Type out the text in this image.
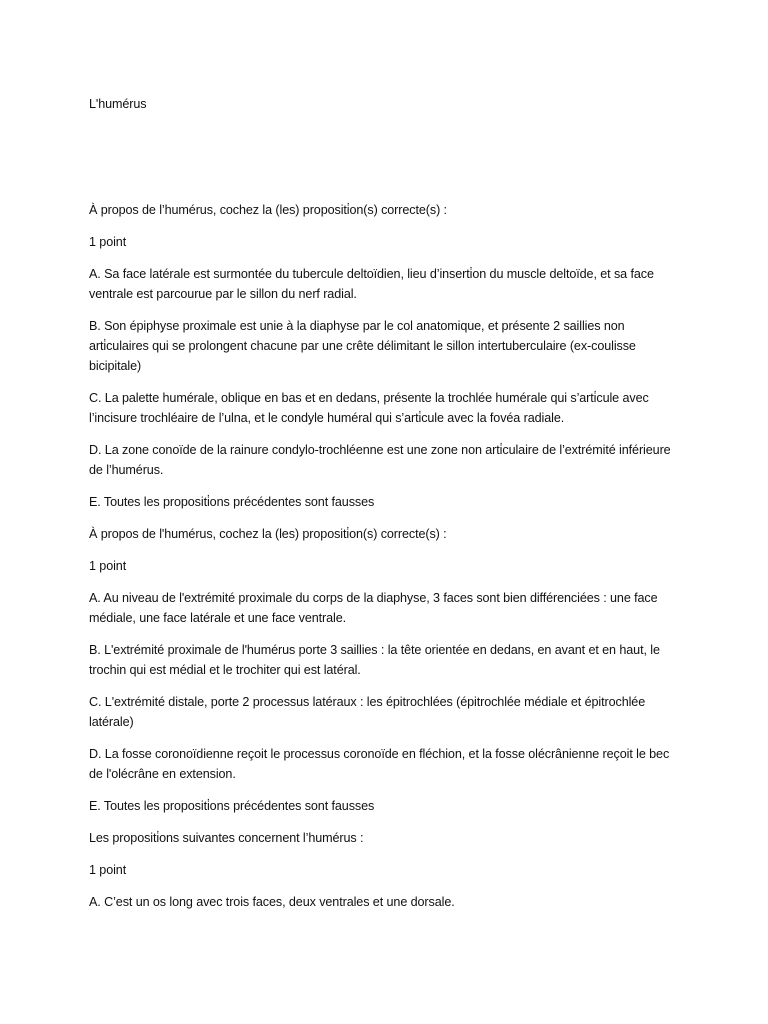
L'humérus

À propos de l’humérus, cochez la (les) propositi̇on(s) correcte(s) :

1 point

A. Sa face latérale est surmontée du tubercule deltoïdien, lieu d’inserti̇on du muscle deltoïde, et sa face ventrale est parcourue par le sillon du nerf radial.

B. Son épiphyse proximale est unie à la diaphyse par le col anatomique, et présente 2 saillies non arti̇culaires qui se prolongent chacune par une crête délimitant le sillon intertuberculaire (ex-coulisse bicipitale)

C. La palette humérale, oblique en bas et en dedans, présente la trochlée humérale qui s’arti̇cule avec l’incisure trochléaire de l’ulna, et le condyle huméral qui s’arti̇cule avec la fovéa radiale.

D. La zone conoïde de la rainure condylo-trochléenne est une zone non arti̇culaire de l’extrémité inférieure de l’humérus.

E. Toutes les propositi̇ons précédentes sont fausses

À propos de l'humérus, cochez la (les) propositi̇on(s) correcte(s) :

1 point

A. Au niveau de l'extrémité proximale du corps de la diaphyse, 3 faces sont bien différenciées : une face médiale, une face latérale et une face ventrale.

B. L'extrémité proximale de l'humérus porte 3 saillies : la tête orientée en dedans, en avant et en haut, le trochin qui est médial et le trochiter qui est latéral.

C. L'extrémité distale, porte 2 processus latéraux : les épitrochlées (épitrochlée médiale et épitrochlée latérale)

D. La fosse coronoïdienne reçoit le processus coronoïde en fléchion, et la fosse olécrânienne reçoit le bec de l'olécrâne en extension.

E. Toutes les propositi̇ons précédentes sont fausses

Les propositi̇ons suivantes concernent l’humérus :

1 point

A. C’est un os long avec trois faces, deux ventrales et une dorsale.
